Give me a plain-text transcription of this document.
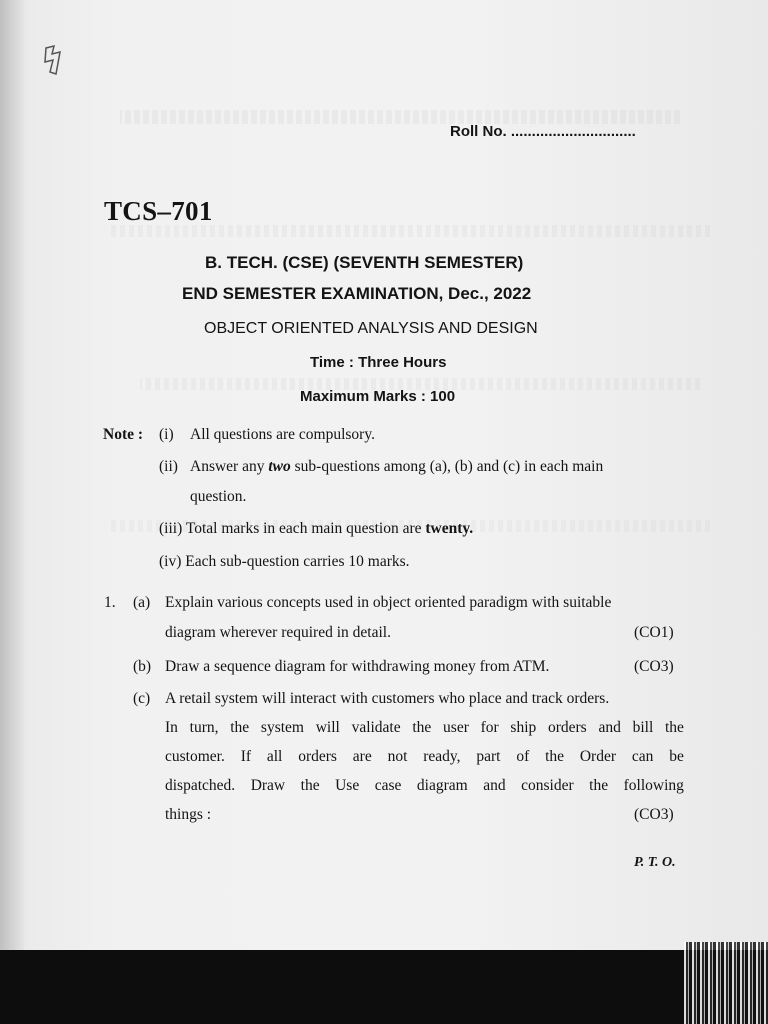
Roll No. ..............................
TCS–701
B. TECH. (CSE) (SEVENTH SEMESTER)
END SEMESTER EXAMINATION, Dec., 2022
OBJECT ORIENTED ANALYSIS AND DESIGN
Time : Three Hours
Maximum Marks : 100
Note : (i) All questions are compulsory.
(ii) Answer any two sub-questions among (a), (b) and (c) in each main
question.
(iii) Total marks in each main question are twenty.
(iv) Each sub-question carries 10 marks.
1. (a) Explain various concepts used in object oriented paradigm with suitable
diagram wherever required in detail.	(CO1)
(b) Draw a sequence diagram for withdrawing money from ATM.	(CO3)
(c) A retail system will interact with customers who place and track orders.
In turn, the system will validate the user for ship orders and bill the
customer. If all orders are not ready, part of the Order can be
dispatched. Draw the Use case diagram and consider the following
things :	(CO3)
P. T. O.
